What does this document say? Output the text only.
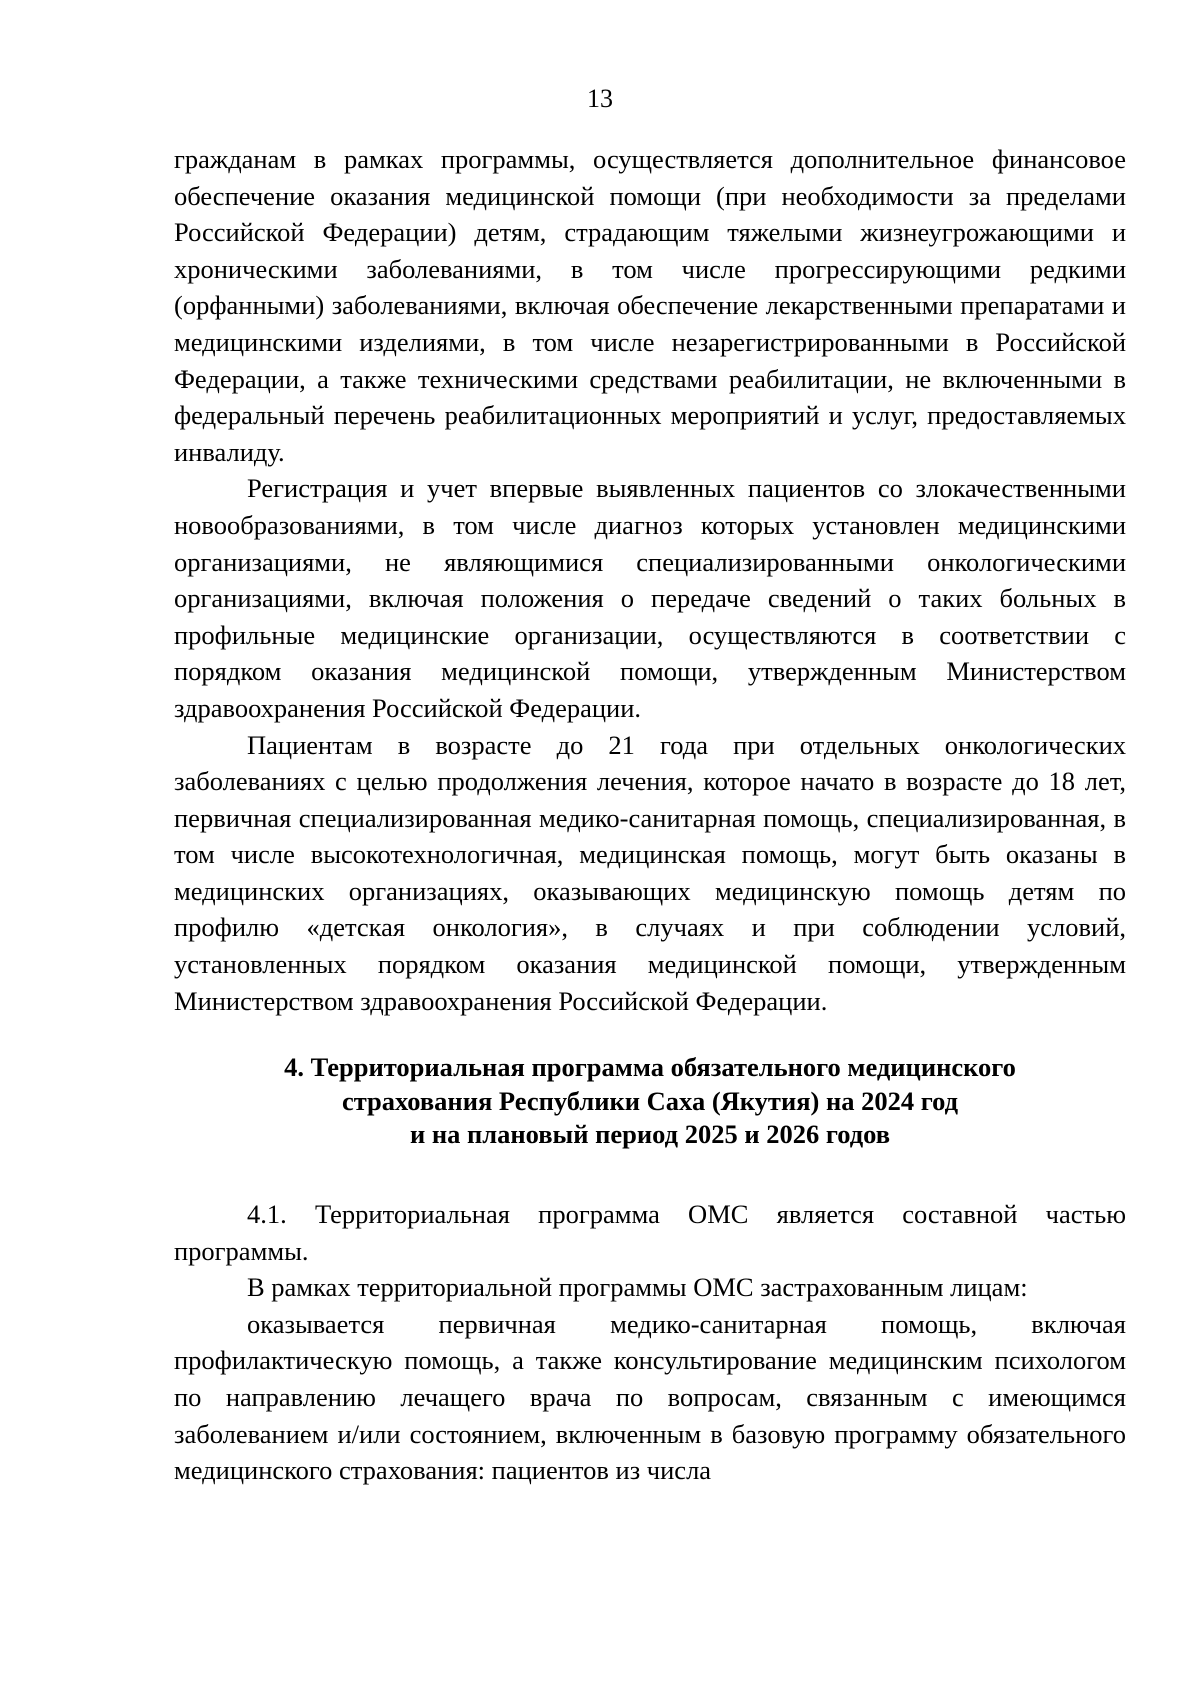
13

гражданам в рамках программы, осуществляется дополнительное финансовое обеспечение оказания медицинской помощи (при необходимости за пределами Российской Федерации) детям, страдающим тяжелыми жизнеугрожающими и хроническими заболеваниями, в том числе прогрессирующими редкими (орфанными) заболеваниями, включая обеспечение лекарственными препаратами и медицинскими изделиями, в том числе незарегистрированными в Российской Федерации, а также техническими средствами реабилитации, не включенными в федеральный перечень реабилитационных мероприятий и услуг, предоставляемых инвалиду.

Регистрация и учет впервые выявленных пациентов со злокачественными новообразованиями, в том числе диагноз которых установлен медицинскими организациями, не являющимися специализированными онкологическими организациями, включая положения о передаче сведений о таких больных в профильные медицинские организации, осуществляются в соответствии с порядком оказания медицинской помощи, утвержденным Министерством здравоохранения Российской Федерации.

Пациентам в возрасте до 21 года при отдельных онкологических заболеваниях с целью продолжения лечения, которое начато в возрасте до 18 лет, первичная специализированная медико-санитарная помощь, специализированная, в том числе высокотехнологичная, медицинская помощь, могут быть оказаны в медицинских организациях, оказывающих медицинскую помощь детям по профилю «детская онкология», в случаях и при соблюдении условий, установленных порядком оказания медицинской помощи, утвержденным Министерством здравоохранения Российской Федерации.

4. Территориальная программа обязательного медицинского
страхования Республики Саха (Якутия) на 2024 год
и на плановый период 2025 и 2026 годов

4.1. Территориальная программа ОМС является составной частью программы.

В рамках территориальной программы ОМС застрахованным лицам:

оказывается первичная медико-санитарная помощь, включая профилактическую помощь, а также консультирование медицинским психологом по направлению лечащего врача по вопросам, связанным с имеющимся заболеванием и/или состоянием, включенным в базовую программу обязательного медицинского страхования: пациентов из числа
